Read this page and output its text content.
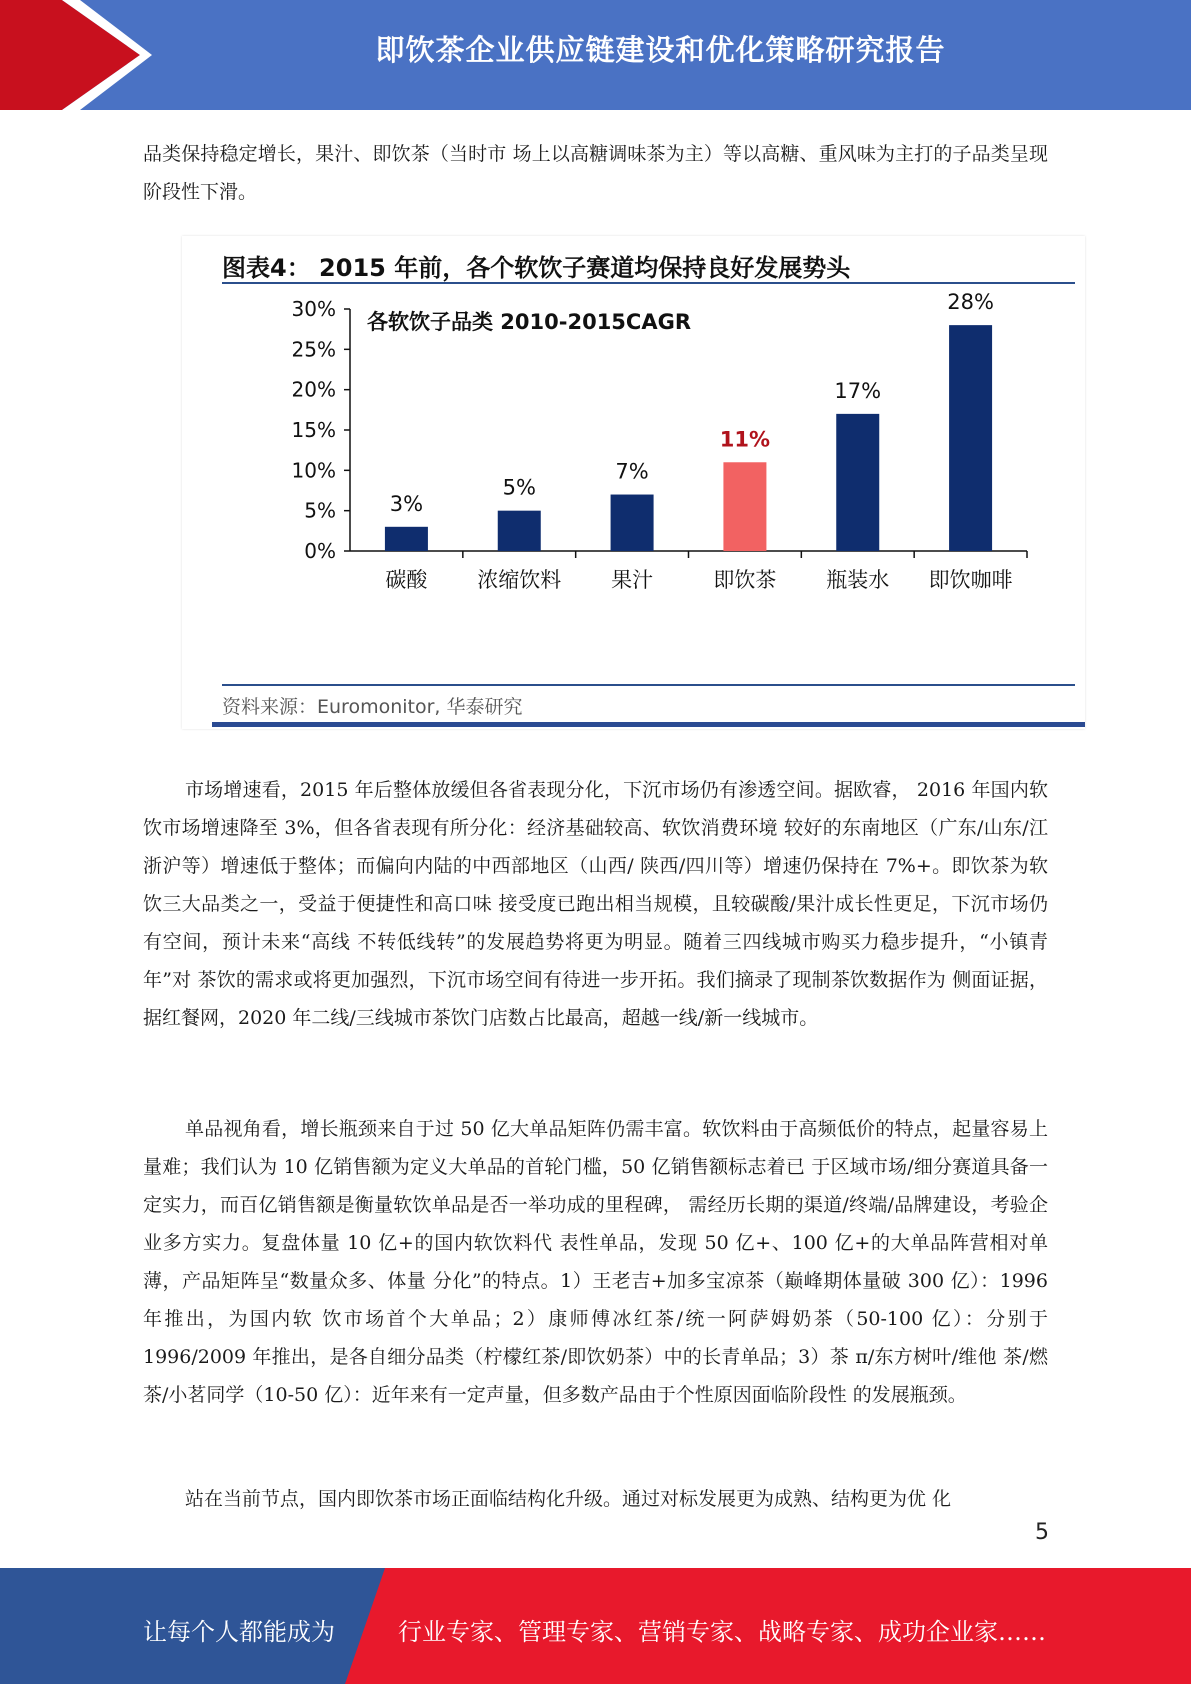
即饮茶企业供应链建设和优化策略研究报告

品类保持稳定增长，果汁、即饮茶（当时市 场上以高糖调味茶为主）等以高糖、重风味为主打的子品类呈现阶段性下滑。

图表4： 2015 年前，各个软饮子赛道均保持良好发展势头
0%
5%
10%
15%
20%
25%
30%
各软饮子品类 2010-2015CAGR
3%
碳酸
5%
浓缩饮料
7%
果汁
11%
即饮茶
17%
瓶装水
28%
即饮咖啡
资料来源：Euromonitor, 华泰研究

市场增速看，2015 年后整体放缓但各省表现分化，下沉市场仍有渗透空间。据欧睿， 2016 年国内软饮市场增速降至 3%，但各省表现有所分化：经济基础较高、软饮消费环境 较好的东南地区（广东/山东/江浙沪等）增速低于整体；而偏向内陆的中西部地区（山西/ 陕西/四川等）增速仍保持在 7%+。即饮茶为软饮三大品类之一，受益于便捷性和高口味 接受度已跑出相当规模，且较碳酸/果汁成长性更足，下沉市场仍有空间，预计未来“高线 不转低线转”的发展趋势将更为明显。随着三四线城市购买力稳步提升，“小镇青年”对 茶饮的需求或将更加强烈，下沉市场空间有待进一步开拓。我们摘录了现制茶饮数据作为 侧面证据，据红餐网，2020 年二线/三线城市茶饮门店数占比最高，超越一线/新一线城市。

单品视角看，增长瓶颈来自于过 50 亿大单品矩阵仍需丰富。软饮料由于高频低价的特点，起量容易上量难；我们认为 10 亿销售额为定义大单品的首轮门槛，50 亿销售额标志着已 于区域市场/细分赛道具备一定实力，而百亿销售额是衡量软饮单品是否一举功成的里程碑， 需经历长期的渠道/终端/品牌建设，考验企业多方实力。复盘体量 10 亿+的国内软饮料代 表性单品，发现 50 亿+、100 亿+的大单品阵营相对单薄，产品矩阵呈“数量众多、体量 分化”的特点。1）王老吉+加多宝凉茶（巅峰期体量破 300 亿）：1996 年推出，为国内软 饮市场首个大单品；2）康师傅冰红茶/统一阿萨姆奶茶（50-100 亿）：分别于 1996/2009 年推出，是各自细分品类（柠檬红茶/即饮奶茶）中的长青单品；3）茶 π/东方树叶/维他 茶/燃茶/小茗同学（10-50 亿）：近年来有一定声量，但多数产品由于个性原因面临阶段性 的发展瓶颈。

站在当前节点，国内即饮茶市场正面临结构化升级。通过对标发展更为成熟、结构更为优 化

5
让每个人都能成为	行业专家、管理专家、营销专家、战略专家、成功企业家……
